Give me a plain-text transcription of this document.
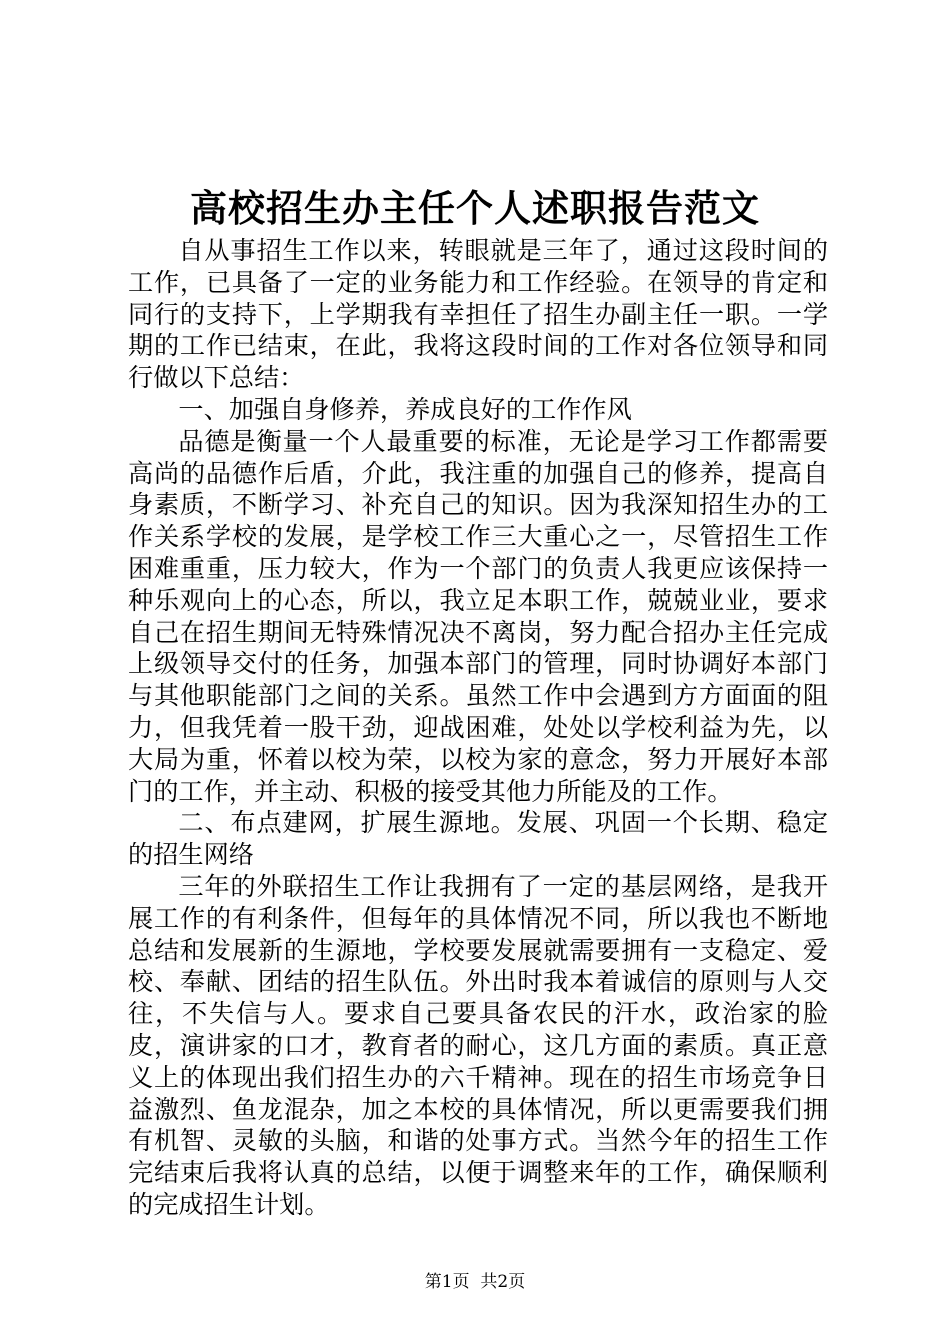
高校招生办主任个人述职报告范文

自从事招生工作以来，转眼就是三年了，通过这段时间的工作，已具备了一定的业务能力和工作经验。在领导的肯定和同行的支持下，上学期我有幸担任了招生办副主任一职。一学期的工作已结束，在此，我将这段时间的工作对各位领导和同行做以下总结：

一、加强自身修养，养成良好的工作作风

品德是衡量一个人最重要的标准，无论是学习工作都需要高尚的品德作后盾，介此，我注重的加强自己的修养，提高自身素质，不断学习、补充自己的知识。因为我深知招生办的工作关系学校的发展，是学校工作三大重心之一，尽管招生工作困难重重，压力较大，作为一个部门的负责人我更应该保持一种乐观向上的心态，所以，我立足本职工作，兢兢业业，要求自己在招生期间无特殊情况决不离岗，努力配合招办主任完成上级领导交付的任务，加强本部门的管理，同时协调好本部门与其他职能部门之间的关系。虽然工作中会遇到方方面面的阻力，但我凭着一股干劲，迎战困难，处处以学校利益为先，以大局为重，怀着以校为荣，以校为家的意念，努力开展好本部门的工作，并主动、积极的接受其他力所能及的工作。

二、布点建网，扩展生源地。发展、巩固一个长期、稳定的招生网络

三年的外联招生工作让我拥有了一定的基层网络，是我开展工作的有利条件，但每年的具体情况不同，所以我也不断地总结和发展新的生源地，学校要发展就需要拥有一支稳定、爱校、奉献、团结的招生队伍。外出时我本着诚信的原则与人交往，不失信与人。要求自己要具备农民的汗水，政治家的脸皮，演讲家的口才，教育者的耐心，这几方面的素质。真正意义上的体现出我们招生办的六千精神。现在的招生市场竞争日益激烈、鱼龙混杂，加之本校的具体情况，所以更需要我们拥有机智、灵敏的头脑，和谐的处事方式。当然今年的招生工作完结束后我将认真的总结，以便于调整来年的工作，确保顺利的完成招生计划。

第1页  共2页
